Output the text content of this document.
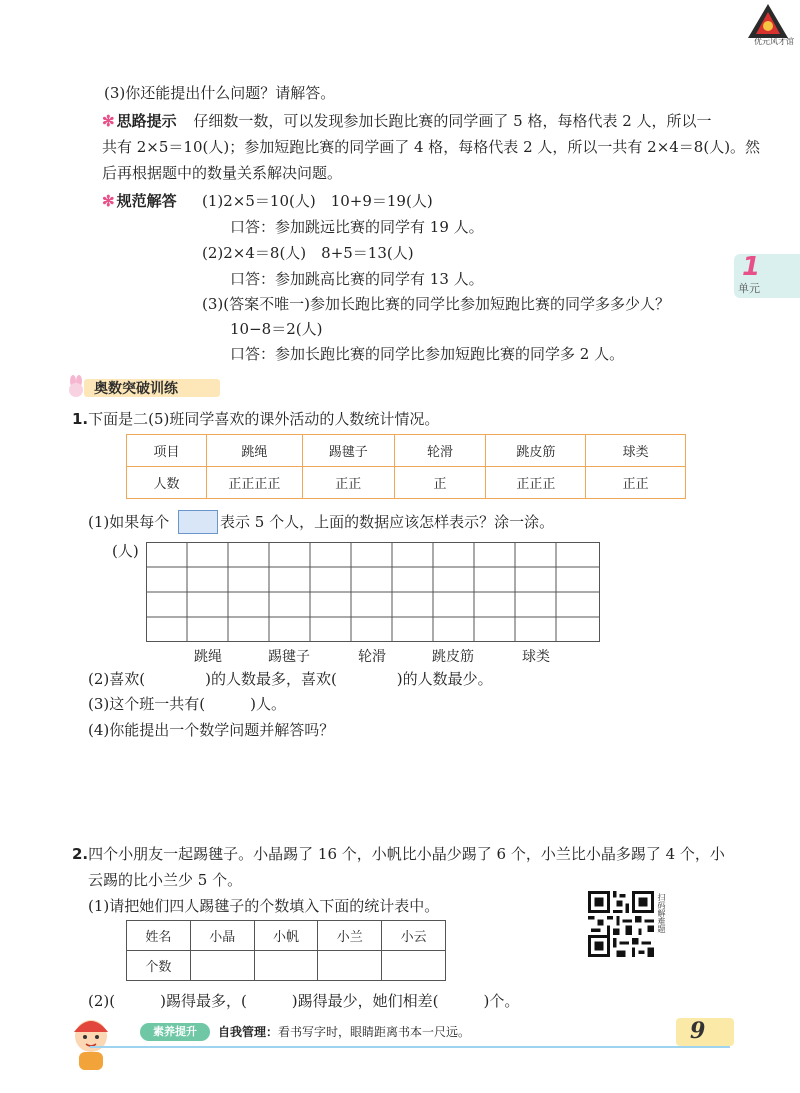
优元风才馆
1
单元
(3)你还能提出什么问题？请解答。
✻ 思路提示 仔细数一数，可以发现参加长跑比赛的同学画了 5 格，每格代表 2 人，所以一
共有 2×5＝10(人)；参加短跑比赛的同学画了 4 格，每格代表 2 人，所以一共有 2×4＝8(人)。然
后再根据题中的数量关系解决问题。
✻ 规范解答 (1)2×5＝10(人)　10+9＝19(人)
口答：参加跳远比赛的同学有 19 人。
(2)2×4＝8(人)　8+5＝13(人)
口答：参加跳高比赛的同学有 13 人。
(3)(答案不唯一)参加长跑比赛的同学比参加短跑比赛的同学多多少人？
10−8＝2(人)
口答：参加长跑比赛的同学比参加短跑比赛的同学多 2 人。
奥数突破训练
1.下面是二(5)班同学喜欢的课外活动的人数统计情况。
项目	跳绳	踢毽子	轮滑	跳皮筋	球类
人数	正正正正	正正	正	正正正	正正
(1)如果每个	表示 5 个人，上面的数据应该怎样表示？涂一涂。
(人)
跳绳	踢毽子	轮滑	跳皮筋	球类
(2)喜欢(　　　　)的人数最多，喜欢(　　　　)的人数最少。
(3)这个班一共有(　　　)人。
(4)你能提出一个数学问题并解答吗？
2.四个小朋友一起踢毽子。小晶踢了 16 个，小帆比小晶少踢了 6 个，小兰比小晶多踢了 4 个，小
云踢的比小兰少 5 个。
(1)请把她们四人踢毽子的个数填入下面的统计表中。
姓名	小晶	小帆	小兰	小云
个数				
扫码解难题
(2)(　　　)踢得最多，(　　　)踢得最少，她们相差(　　　)个。
素养提升	自我管理： 看书写字时，眼睛距离书本一尺远。	9
